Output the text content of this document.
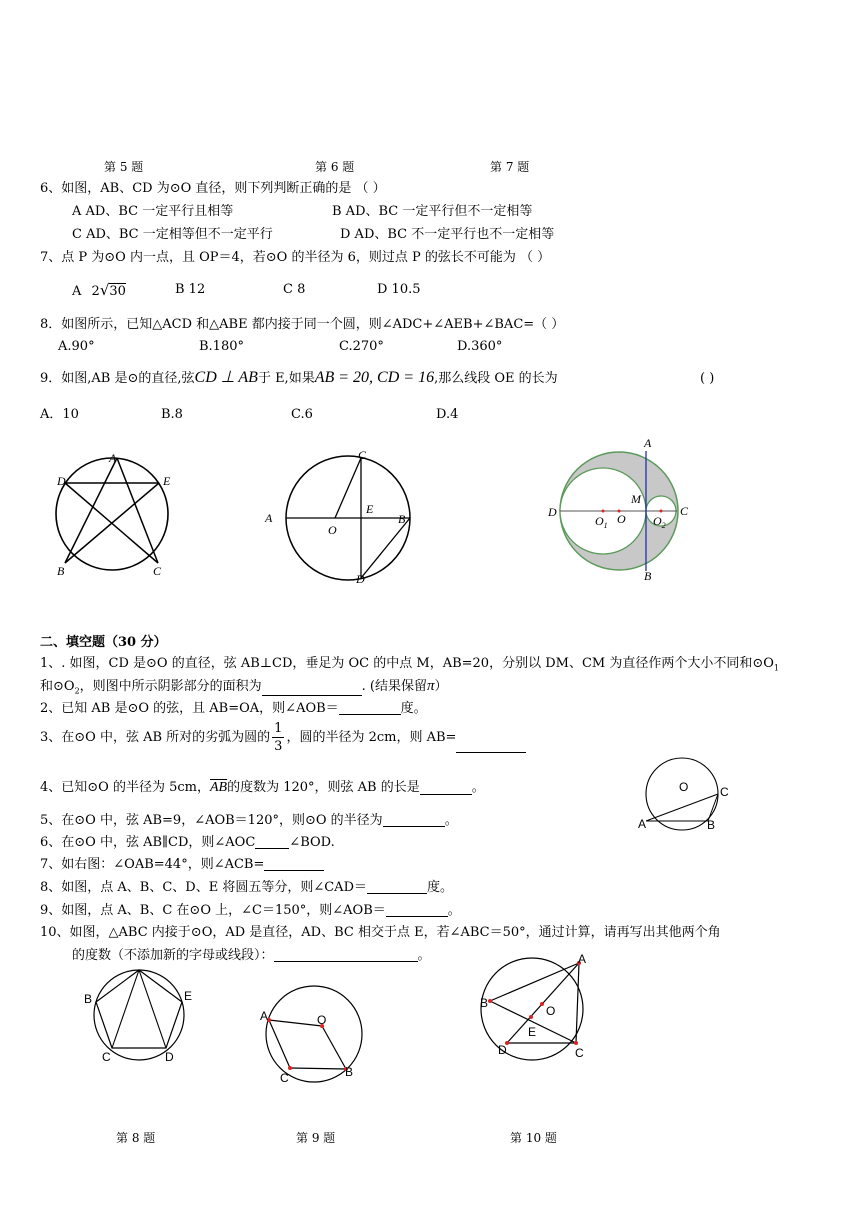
第 5 题	第 6 题	第 7 题
6、如图，AB、CD 为⊙O 直径，则下列判断正确的是 （ ）
A AD、BC 一定平行且相等	B AD、BC 一定平行但不一定相等
C AD、BC 一定相等但不一定平行	D AD、BC 不一定平行也不一定相等
7、点 P 为⊙O 内一点，且 OP＝4，若⊙O 的半径为 6，则过点 P 的弦长不可能为 （ ）
A 2√30	B 12	C 8	D 10.5
8．如图所示，已知△ACD 和△ABE 都内接于同一个圆，则∠ADC+∠AEB+∠BAC=（ ）
A.90°	B.180°	C.270°	D.360°
9．如图,AB 是⊙的直径,弦CD ⊥ AB于 E,如果AB = 20, CD = 16,那么线段 OE 的长为	( )
A．10	B.8	C.6	D.4
A
D	E
B	C
C
A
O
E
B
D
A
D
M
O
$O_1$	$O_2$
C
B
二、填空题（30 分）
1、. 如图，CD 是⊙O 的直径，弦 AB⊥CD，垂足为 OC 的中点 M，AB=20，分别以 DM、CM 为直径作两个大小不同和$⊙O_1$
和$⊙O_2$，则图中所示阴影部分的面积为	. (结果保留π）
2、已知 AB 是⊙O 的弦，且 AB=OA，则∠AOB＝	度。
3、在⊙O 中，弦 AB 所对的劣弧为圆的 $\frac{1}{3}$ ，圆的半径为 2cm，则 AB=
4、已知⊙O 的半径为 5cm，$\overline{AB}$的度数为 120°，则弦 AB 的长是	。	O
A	B
C
5、在⊙O 中，弦 AB=9，∠AOB＝120°，则⊙O 的半径为	。
6、在⊙O 中，弦 AB∥CD，则∠AOC	∠BOD.
7、如右图：∠OAB=44°，则∠ACB=
8、如图，点 A、B、C、D、E 将圆五等分，则∠CAD＝	度。
9、如图，点 A、B、C 在⊙O 上，∠C＝150°，则∠AOB＝	。
10、如图，△ABC 内接于⊙O，AD 是直径，AD、BC 相交于点 E，若∠ABC＝50°，通过计算，请再写出其他两个角
的度数（不添加新的字母或线段）：	。
B	E
C	D
A	O
C	B
A
B
O
E
D	C
第 8 题	第 9 题	第 10 题
